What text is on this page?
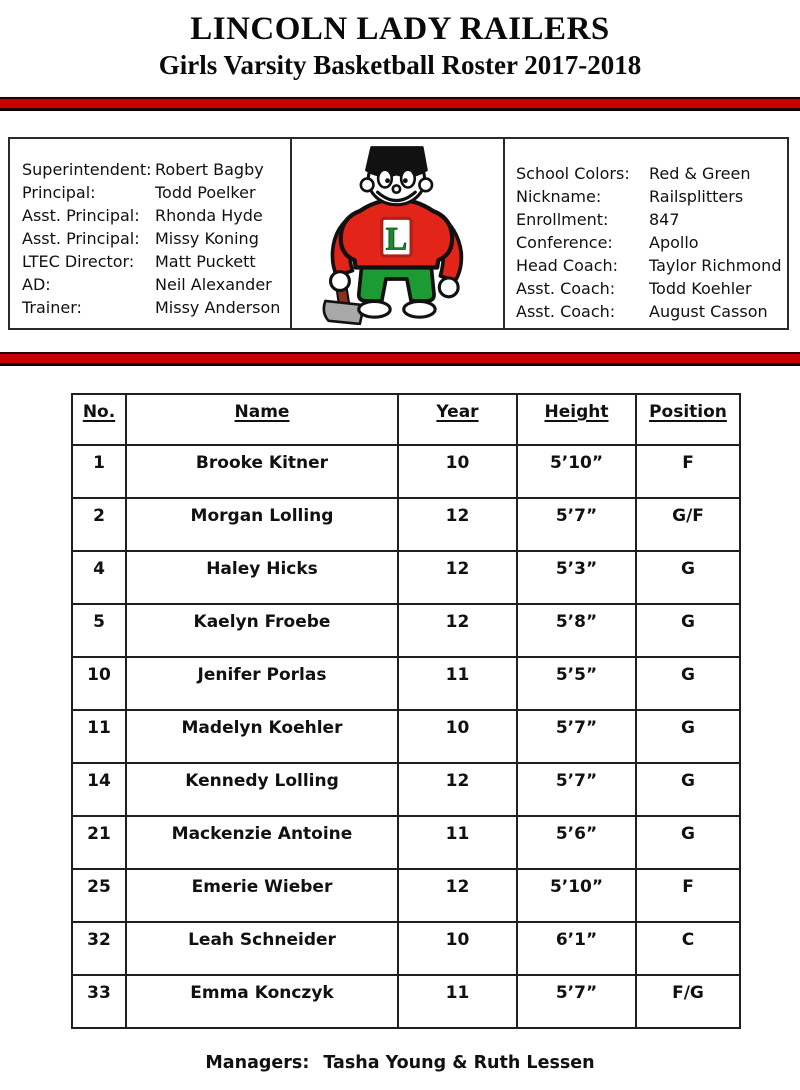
LINCOLN LADY RAILERS
Girls Varsity Basketball Roster 2017-2018
Superintendent: Robert Bagby
Principal:	Todd Poelker
Asst. Principal: Rhonda Hyde
Asst. Principal: Missy Koning
LTEC Director:	Matt Puckett
AD:	Neil Alexander
Trainer:	Missy Anderson
L
School Colors:	Red & Green
Nickname:	Railsplitters
Enrollment:	847
Conference:	Apollo
Head Coach:	Taylor Richmond
Asst. Coach:	Todd Koehler
Asst. Coach:	August Casson
No.	Name	Year	Height	Position
1	Brooke Kitner	10	5’10”	F
2	Morgan Lolling	12	5’7”	G/F
4	Haley Hicks	12	5’3”	G
5	Kaelyn Froebe	12	5’8”	G
10	Jenifer Porlas	11	5’5”	G
11	Madelyn Koehler	10	5’7”	G
14	Kennedy Lolling	12	5’7”	G
21	Mackenzie Antoine	11	5’6”	G
25	Emerie Wieber	12	5’10”	F
32	Leah Schneider	10	6’1”	C
33	Emma Konczyk	11	5’7”	F/G
Managers: Tasha Young & Ruth Lessen
